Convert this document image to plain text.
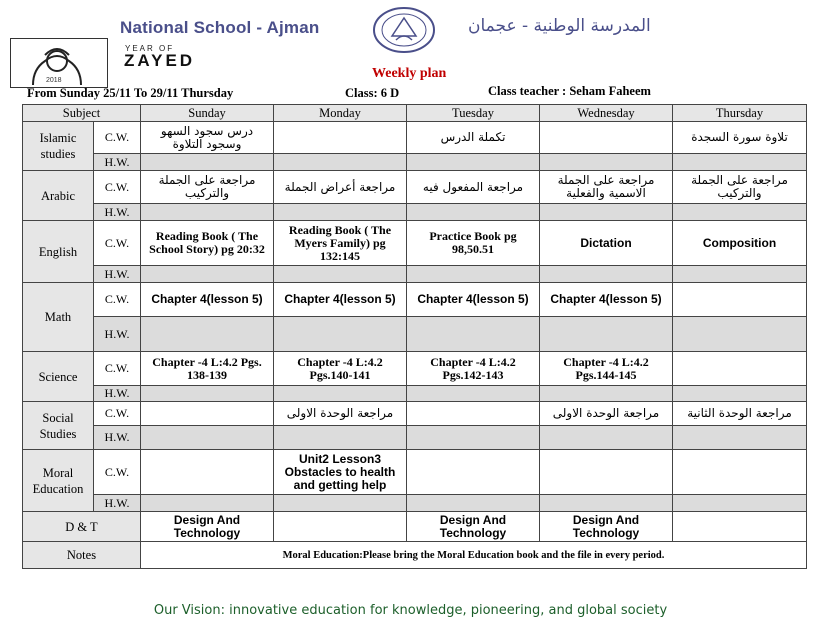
National School - Ajman	المدرسة الوطنية - عجمان
YEAR OF
ZAYED
2018	Weekly plan
From Sunday 25/11 To 29/11 Thursday	Class: 6 D	Class teacher : Seham Faheem
Subject		Sunday	Monday	Tuesday	Wednesday	Thursday
Islamic studies	C.W.	درس سجود السهو وسجود التلاوة		تكملة الدرس		تلاوة سورة السجدة
	H.W.					
Arabic	C.W.	مراجعة على الجملة والتركيب	مراجعة أعراض الجملة	مراجعة المفعول فيه	مراجعة على الجملة الاسمية والفعلية	مراجعة على الجملة والتركيب
	H.W.					
English	C.W.	Reading Book ( The School Story) pg 20:32	Reading Book ( The Myers Family) pg 132:145	Practice Book pg 98,50.51	Dictation	Composition
	H.W.					
Math	C.W.	Chapter 4(lesson 5)	Chapter 4(lesson 5)	Chapter 4(lesson 5)	Chapter 4(lesson 5)	
	H.W.					
Science	C.W.	Chapter -4 L:4.2 Pgs. 138-139	Chapter -4 L:4.2 Pgs.140-141	Chapter -4 L:4.2 Pgs.142-143	Chapter -4 L:4.2 Pgs.144-145	
	H.W.					
Social Studies	C.W.		مراجعة الوحدة الاولى		مراجعة الوحدة الاولى	مراجعة الوحدة الثانية
	H.W.					
Moral Education	C.W.		Unit2 Lesson3 Obstacles to health and getting help			
	H.W.					
D & T		Design And Technology		Design And Technology	Design And Technology	
Notes		Moral Education:Please bring the Moral Education book and the file in every period.				
Our Vision: innovative education for knowledge, pioneering, and global society
